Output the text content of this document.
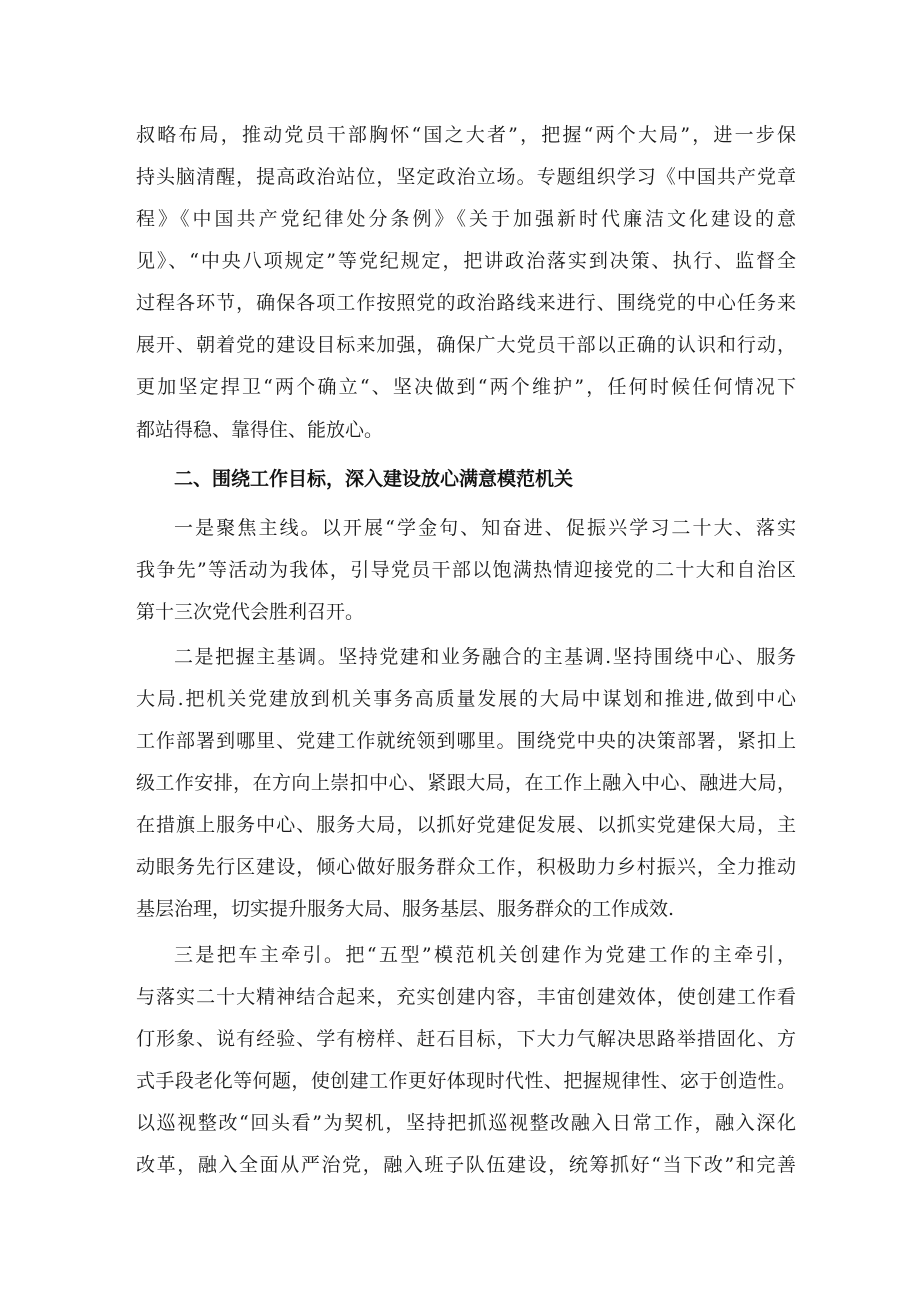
叔略布局，推动党员干部胸怀“国之大者”，把握“两个大局”，进一步保
持头脑清醒，提高政治站位，坚定政治立场。专题组织学习《中国共产党章
程》《中国共产党纪律处分条例》《关于加强新时代廉洁文化建设的意
见》、“中央八项规定”等党纪规定，把讲政治落实到决策、执行、监督全
过程各环节，确保各项工作按照党的政治路线来进行、围绕党的中心任务来
展开、朝着党的建设目标来加强，确保广大党员干部以正确的认识和行动，
更加坚定捍卫“两个确立“、坚决做到“两个维护”，任何时候任何情况下
都站得稳、靠得住、能放心。
二、围绕工作目标，深入建设放心满意模范机关
一是聚焦主线。以开展“学金句、知奋进、促振兴学习二十大、落实
我争先”等活动为我体，引导党员干部以饱满热情迎接党的二十大和自治区
第十三次党代会胜利召开。
二是把握主基调。坚持党建和业务融合的主基调.坚持围绕中心、服务
大局.把机关党建放到机关事务高质量发展的大局中谋划和推进,做到中心
工作部署到哪里、党建工作就统领到哪里。围绕党中央的决策部署，紧扣上
级工作安排，在方向上崇扣中心、紧跟大局，在工作上融入中心、融进大局，
在措旗上服务中心、服务大局，以抓好党建促发展、以抓实党建保大局，主
动眼务先行区建设，倾心做好服务群众工作，积极助力乡村振兴，全力推动
基层治理，切实提升服务大局、服务基层、服务群众的工作成效.
三是把车主牵引。把“五型”模范机关创建作为党建工作的主牵引，
与落实二十大精神结合起来，充实创建内容，丰宙创建效体，使创建工作看
仃形象、说有经验、学有榜样、赶石目标，下大力气解决思路举措固化、方
式手段老化等何题，使创建工作更好体现时代性、把握规律性、宓于创造性。
以巡视整改“回头看”为契机，坚持把抓巡视整改融入日常工作，融入深化
改革，融入全面从严治党，融入班子队伍建设，统筹抓好“当下改”和完善
